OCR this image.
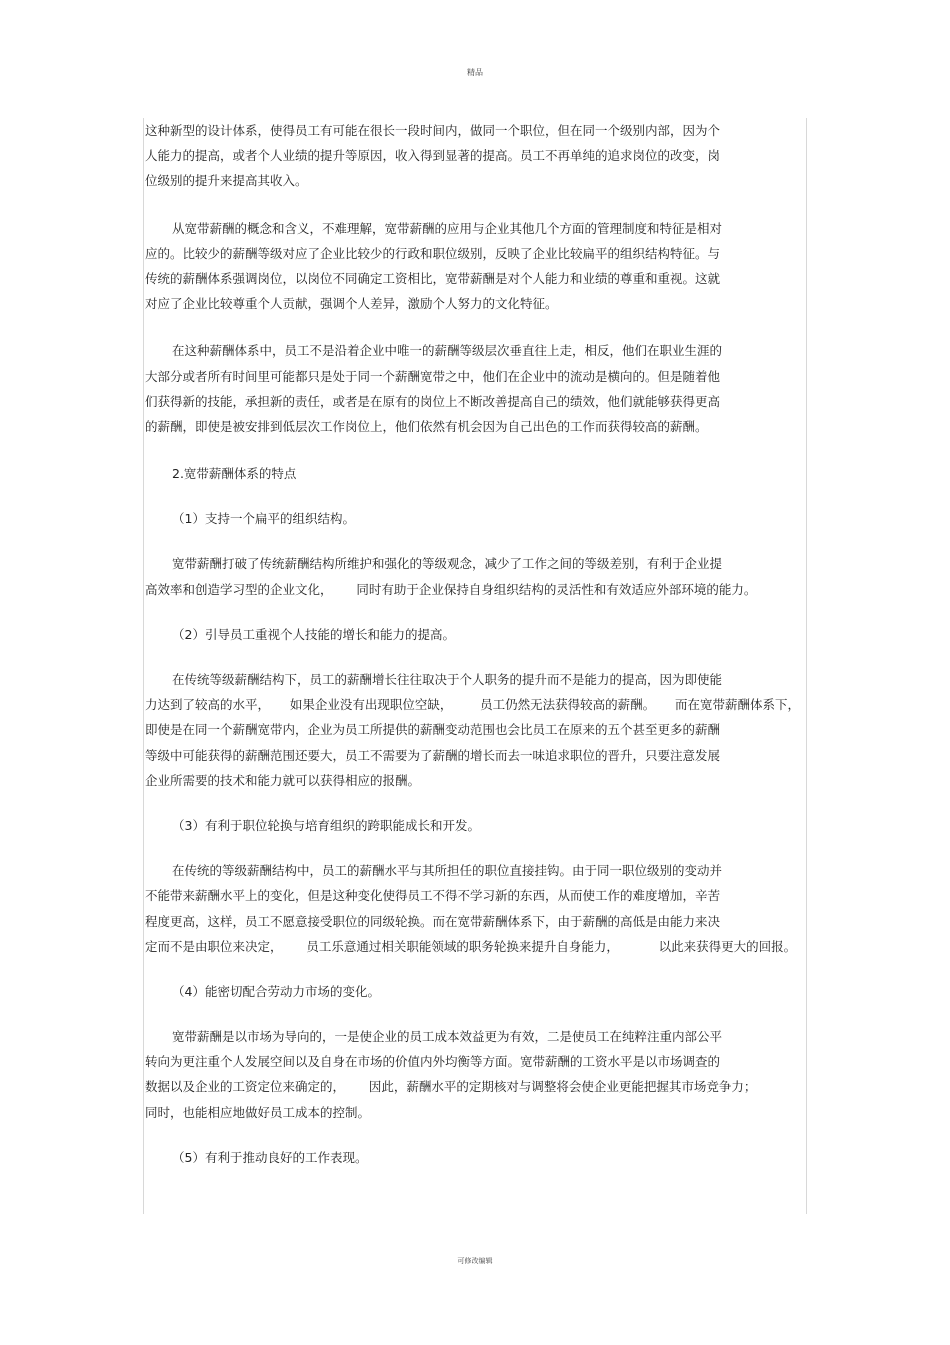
精品
这种新型的设计体系，使得员工有可能在很长一段时间内，做同一个职位，但在同一个级别内部，因为个
人能力的提高，或者个人业绩的提升等原因，收入得到显著的提高。员工不再单纯的追求岗位的改变，岗
位级别的提升来提高其收入。
从宽带薪酬的概念和含义，不难理解，宽带薪酬的应用与企业其他几个方面的管理制度和特征是相对
应的。比较少的薪酬等级对应了企业比较少的行政和职位级别，反映了企业比较扁平的组织结构特征。与
传统的薪酬体系强调岗位，以岗位不同确定工资相比，宽带薪酬是对个人能力和业绩的尊重和重视。这就
对应了企业比较尊重个人贡献，强调个人差异，激励个人努力的文化特征。
在这种薪酬体系中，员工不是沿着企业中唯一的薪酬等级层次垂直往上走，相反，他们在职业生涯的
大部分或者所有时间里可能都只是处于同一个薪酬宽带之中，他们在企业中的流动是横向的。但是随着他
们获得新的技能，承担新的责任，或者是在原有的岗位上不断改善提高自己的绩效，他们就能够获得更高
的薪酬，即使是被安排到低层次工作岗位上，他们依然有机会因为自己出色的工作而获得较高的薪酬。
2.宽带薪酬体系的特点
（1）支持一个扁平的组织结构。
宽带薪酬打破了传统薪酬结构所维护和强化的等级观念，减少了工作之间的等级差别，有利于企业提
高效率和创造学习型的企业文化，      同时有助于企业保持自身组织结构的灵活性和有效适应外部环境的能力。
（2）引导员工重视个人技能的增长和能力的提高。
在传统等级薪酬结构下，员工的薪酬增长往往取决于个人职务的提升而不是能力的提高，因为即使能
力达到了较高的水平，     如果企业没有出现职位空缺，       员工仍然无法获得较高的薪酬。     而在宽带薪酬体系下，
即使是在同一个薪酬宽带内，企业为员工所提供的薪酬变动范围也会比员工在原来的五个甚至更多的薪酬
等级中可能获得的薪酬范围还要大，员工不需要为了薪酬的增长而去一味追求职位的晋升，只要注意发展
企业所需要的技术和能力就可以获得相应的报酬。
（3）有利于职位轮换与培育组织的跨职能成长和开发。
在传统的等级薪酬结构中，员工的薪酬水平与其所担任的职位直接挂钩。由于同一职位级别的变动并
不能带来薪酬水平上的变化，但是这种变化使得员工不得不学习新的东西，从而使工作的难度增加，辛苦
程度更高，这样，员工不愿意接受职位的同级轮换。而在宽带薪酬体系下，由于薪酬的高低是由能力来决
定而不是由职位来决定，      员工乐意通过相关职能领域的职务轮换来提升自身能力，          以此来获得更大的回报。
（4）能密切配合劳动力市场的变化。
宽带薪酬是以市场为导向的，一是使企业的员工成本效益更为有效，二是使员工在纯粹注重内部公平
转向为更注重个人发展空间以及自身在市场的价值内外均衡等方面。宽带薪酬的工资水平是以市场调查的
数据以及企业的工资定位来确定的，      因此，薪酬水平的定期核对与调整将会使企业更能把握其市场竞争力；
同时，也能相应地做好员工成本的控制。
（5）有利于推动良好的工作表现。
可修改编辑
